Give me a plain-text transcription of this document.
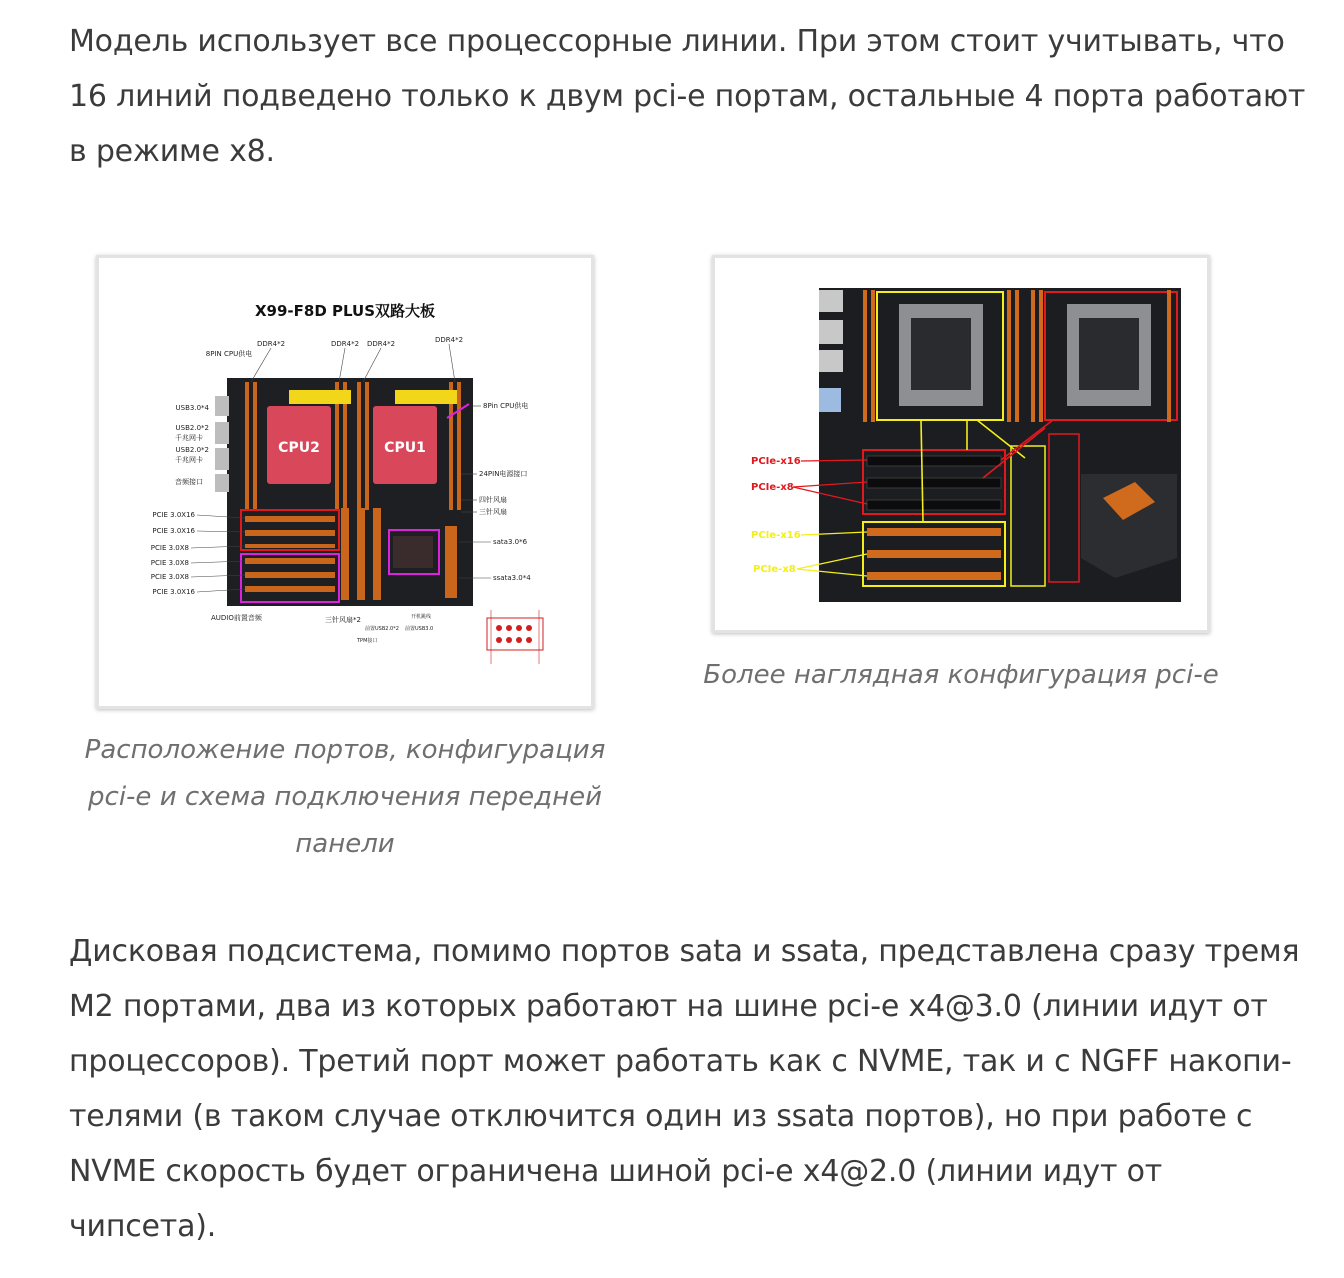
Модель использует все процессорные линии. При этом стоит учитывать, что 16 линий подведено только к двум pci-e портам, остальные 4 порта работают в режиме x8.

X99-F8D PLUS双路大板
CPU2	CPU1
DDR4*2
8PIN CPU供电
DDR4*2 DDR4*2	DDR4*2
USB3.0*4
USB2.0*2
千兆网卡
USB2.0*2
千兆网卡
音频接口
PCIE 3.0X16
PCIE 3.0X16
PCIE 3.0X8
PCIE 3.0X8
PCIE 3.0X8
PCIE 3.0X16
8Pin CPU供电
24PIN电源接口
四针风扇
三针风扇
sata3.0*6
ssata3.0*4
AUDIO前置音频	三针风扇*2
前置USB2.0*2
TPM接口
前置USB3.0
开机跳线

Расположение портов, конфигурация pci-e и схема подключения передней панели

PCIe-x16
PCIe-x8
PCIe-x16
PCIe-x8

Более наглядная конфигурация pci-e

Дисковая подсистема, помимо портов sata и ssata, представлена сразу тремя M2 портами, два из которых работают на шине pci-e x4@3.0 (линии идут от процессоров). Третий порт может работать как с NVME, так и с NGFF накопи-телями (в таком случае отключится один из ssata портов), но при работе с NVME скорость будет ограничена шиной pci-e x4@2.0 (линии идут от чипсета).
